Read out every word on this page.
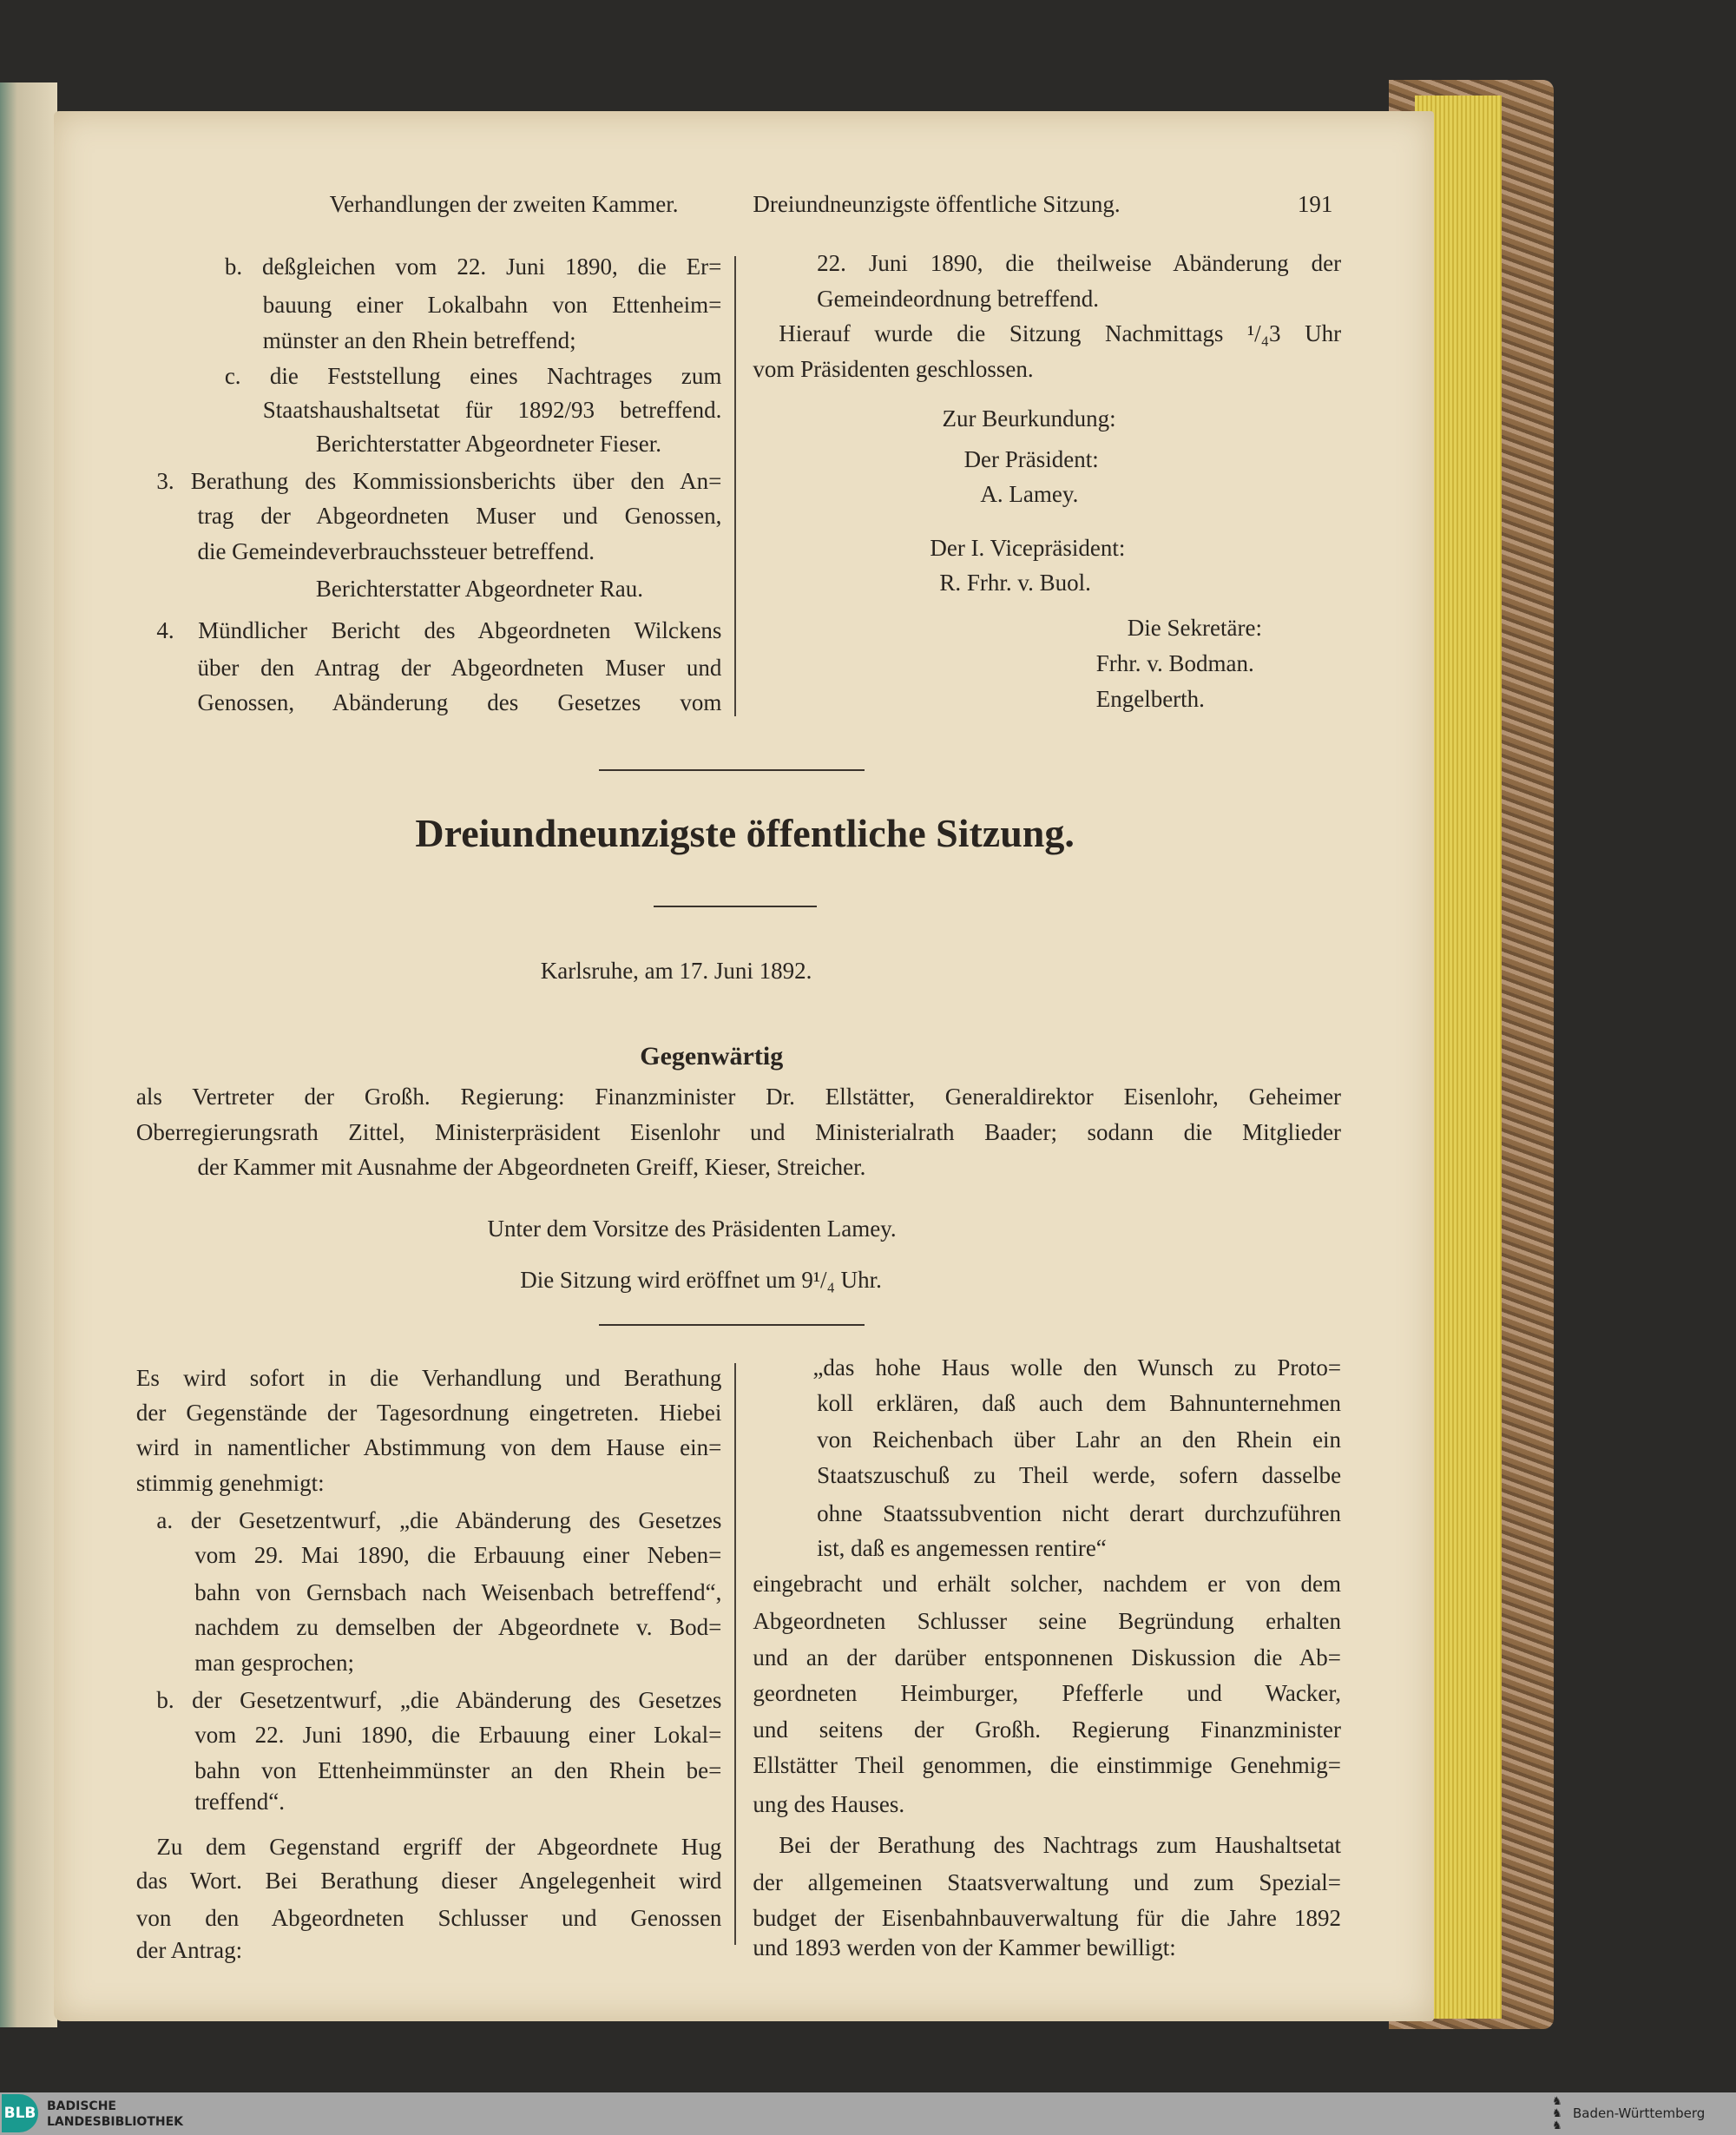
Verhandlungen der zweiten Kammer.	Dreiundneunzigste öffentliche Sitzung.	191
b. deßgleichen vom 22. Juni 1890, die Er=
bauung einer Lokalbahn von Ettenheim=
münster an den Rhein betreffend;
c. die Feststellung eines Nachtrages zum
Staatshaushaltsetat für 1892/93 betreffend.
Berichterstatter Abgeordneter Fieser.
3. Berathung des Kommissionsberichts über den An=
trag der Abgeordneten Muser und Genossen,
die Gemeindeverbrauchssteuer betreffend.
Berichterstatter Abgeordneter Rau.
4. Mündlicher Bericht des Abgeordneten Wilckens
über den Antrag der Abgeordneten Muser und
Genossen, Abänderung des Gesetzes vom
22. Juni 1890, die theilweise Abänderung der
Gemeindeordnung betreffend.
Hierauf wurde die Sitzung Nachmittags ¹/₄3 Uhr
vom Präsidenten geschlossen.
Zur Beurkundung:
Der Präsident:
A. Lamey.
Der I. Vicepräsident:
R. Frhr. v. Buol.
Die Sekretäre:
Frhr. v. Bodman.
Engelberth.
Dreiundneunzigste öffentliche Sitzung.
Karlsruhe, am 17. Juni 1892.
Gegenwärtig
als Vertreter der Großh. Regierung: Finanzminister Dr. Ellstätter, Generaldirektor Eisenlohr, Geheimer
Oberregierungsrath Zittel, Ministerpräsident Eisenlohr und Ministerialrath Baader; sodann die Mitglieder
der Kammer mit Ausnahme der Abgeordneten Greiff, Kieser, Streicher.
Unter dem Vorsitze des Präsidenten Lamey.
Die Sitzung wird eröffnet um 9¹/₄ Uhr.
Es wird sofort in die Verhandlung und Berathung
der Gegenstände der Tagesordnung eingetreten. Hiebei
wird in namentlicher Abstimmung von dem Hause ein=
stimmig genehmigt:
a. der Gesetzentwurf, „die Abänderung des Gesetzes
vom 29. Mai 1890, die Erbauung einer Neben=
bahn von Gernsbach nach Weisenbach betreffend“,
nachdem zu demselben der Abgeordnete v. Bod=
man gesprochen;
b. der Gesetzentwurf, „die Abänderung des Gesetzes
vom 22. Juni 1890, die Erbauung einer Lokal=
bahn von Ettenheimmünster an den Rhein be=
treffend“.
Zu dem Gegenstand ergriff der Abgeordnete Hug
das Wort. Bei Berathung dieser Angelegenheit wird
von den Abgeordneten Schlusser und Genossen
der Antrag:
„das hohe Haus wolle den Wunsch zu Proto=
koll erklären, daß auch dem Bahnunternehmen
von Reichenbach über Lahr an den Rhein ein
Staatszuschuß zu Theil werde, sofern dasselbe
ohne Staatssubvention nicht derart durchzuführen
ist, daß es angemessen rentire“
eingebracht und erhält solcher, nachdem er von dem
Abgeordneten Schlusser seine Begründung erhalten
und an der darüber entsponnenen Diskussion die Ab=
geordneten Heimburger, Pfefferle und Wacker,
und seitens der Großh. Regierung Finanzminister
Ellstätter Theil genommen, die einstimmige Genehmig=
ung des Hauses.
Bei der Berathung des Nachtrags zum Haushaltsetat
der allgemeinen Staatsverwaltung und zum Spezial=
budget der Eisenbahnbauverwaltung für die Jahre 1892
und 1893 werden von der Kammer bewilligt:
BLB BADISCHE
LANDESBIBLIOTHEK
♞
♞
♞
Baden-Württemberg
